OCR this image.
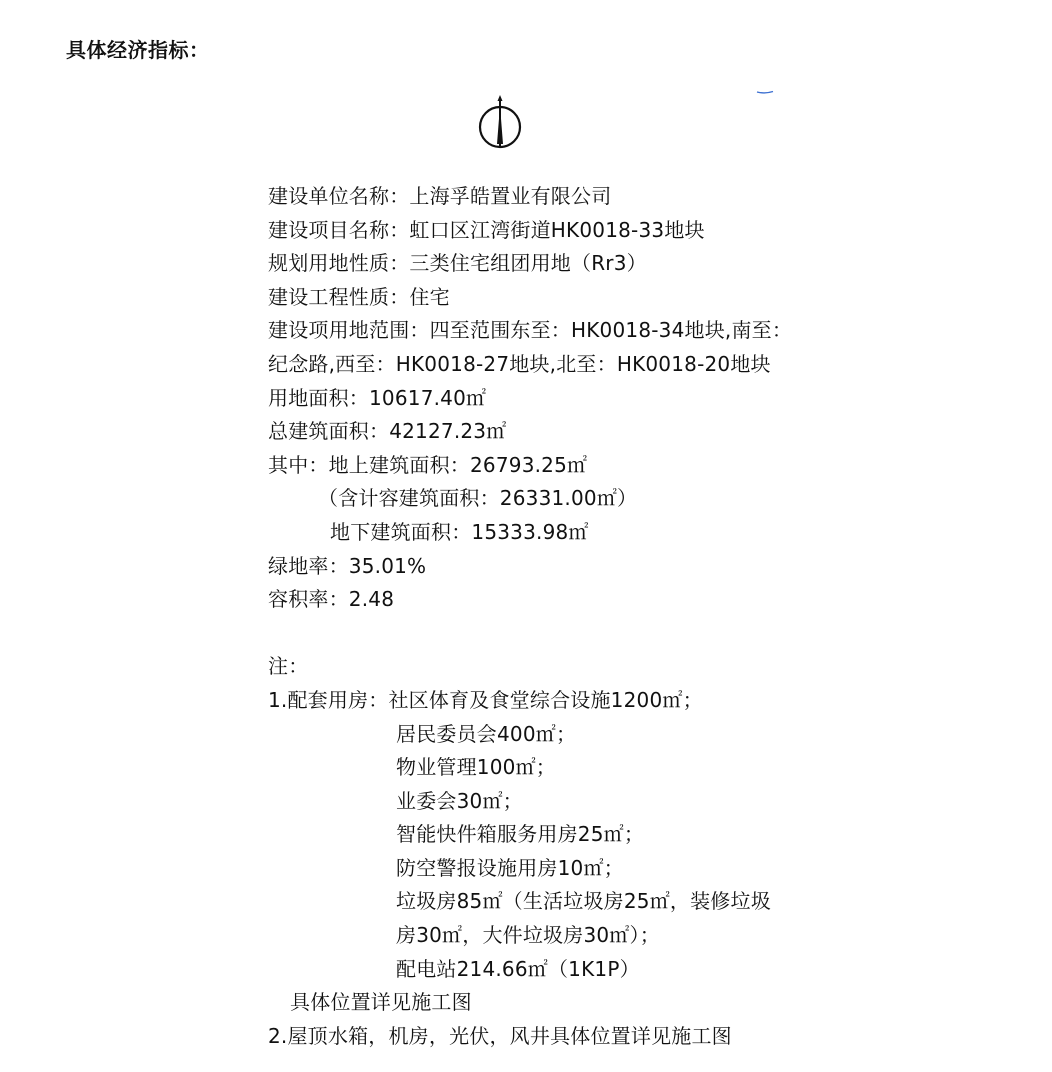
具体经济指标：
建设单位名称：上海孚皓置业有限公司
建设项目名称：虹口区江湾街道HK0018-33地块
规划用地性质：三类住宅组团用地（Rr3）
建设工程性质：住宅
建设项用地范围：四至范围东至：HK0018-34地块,南至：
纪念路,西至：HK0018-27地块,北至：HK0018-20地块
用地面积：10617.40㎡
总建筑面积：42127.23㎡
其中：地上建筑面积：26793.25㎡
（含计容建筑面积：26331.00㎡）
地下建筑面积：15333.98㎡
绿地率：35.01%
容积率：2.48
注：
1.配套用房：社区体育及食堂综合设施1200㎡；
居民委员会400㎡；
物业管理100㎡；
业委会30㎡；
智能快件箱服务用房25㎡；
防空警报设施用房10㎡；
垃圾房85㎡（生活垃圾房25㎡，装修垃圾
房30㎡，大件垃圾房30㎡）；
配电站214.66㎡（1K1P）
具体位置详见施工图
2.屋顶水箱，机房，光伏，风井具体位置详见施工图
